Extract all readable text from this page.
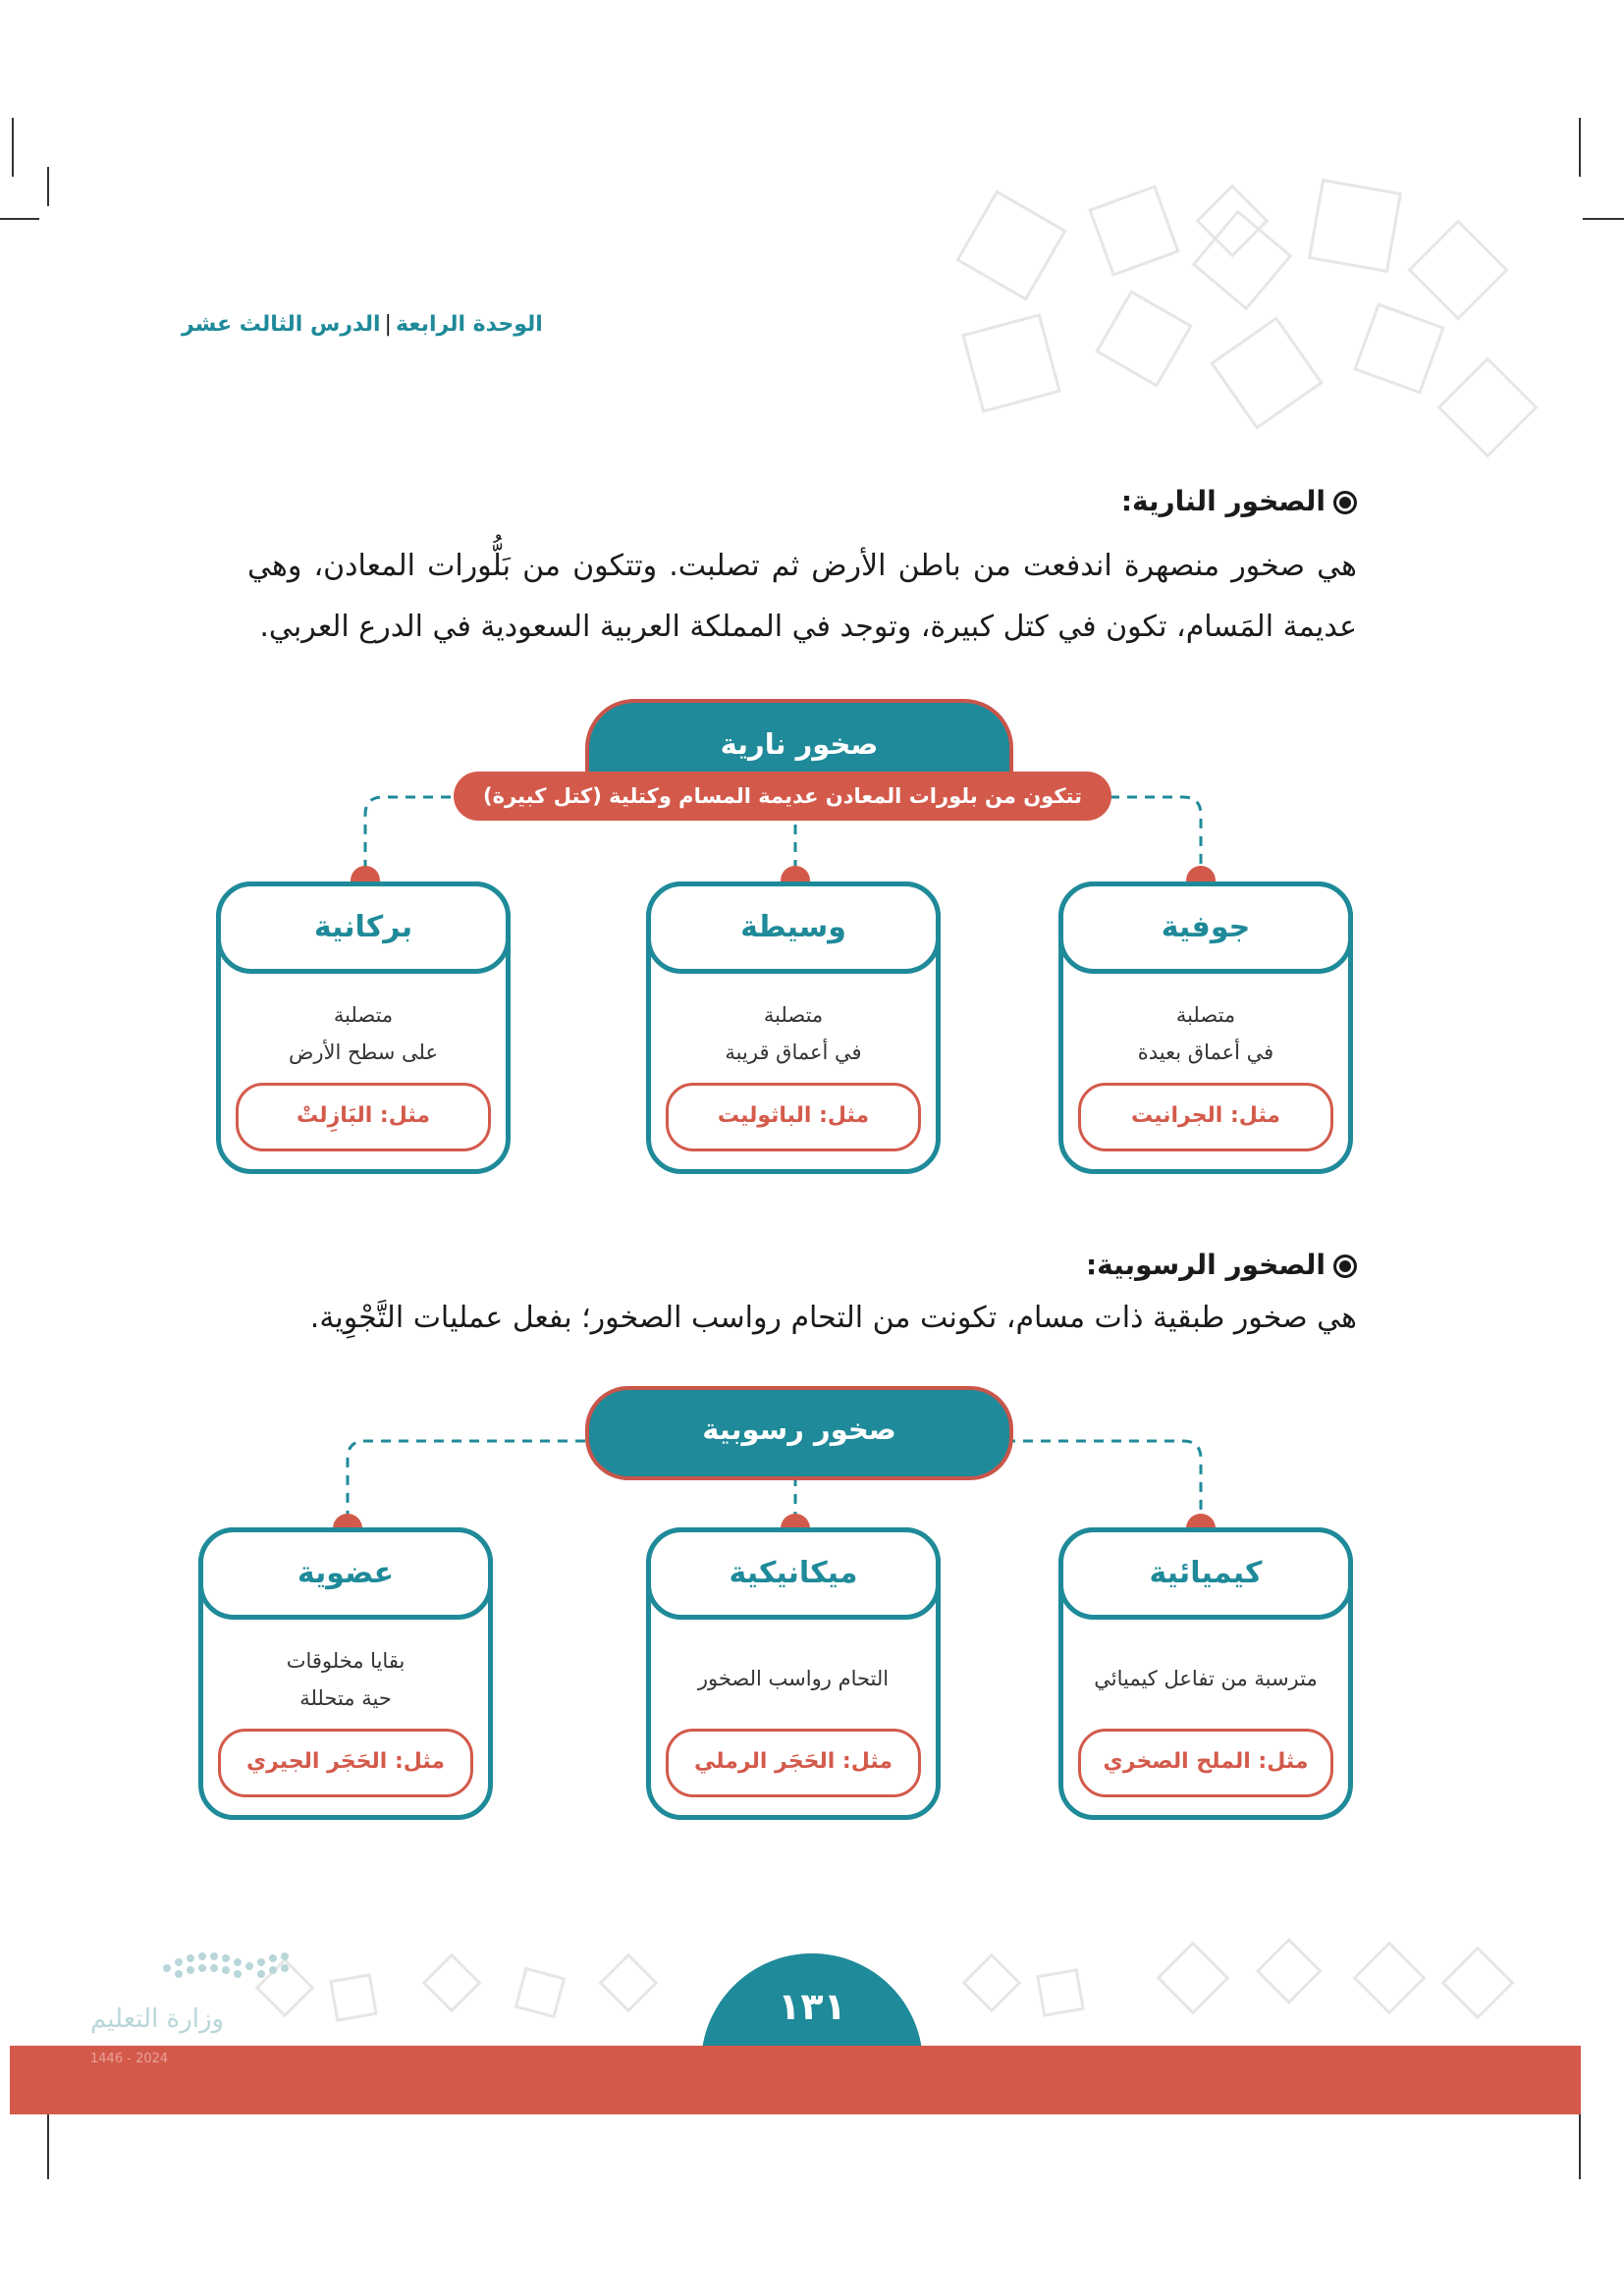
الوحدة الرابعة|الدرس الثالث عشر
الصخور النارية:
هي صخور منصهرة اندفعت من باطن الأرض ثم تصلبت. وتتكون من بَلُّورات المعادن، وهي عديمة المَسام، تكون في كتل كبيرة، وتوجد في المملكة العربية السعودية في الدرع العربي.
صخور نارية
تتكون من بلورات المعادن عديمة المسام وكتلية (كتل كبيرة)
جوفية
متصلبة
في أعماق بعيدة
مثل: الجرانيت
وسيطة
متصلبة
في أعماق قريبة
مثل: الباثوليت
بركانية
متصلبة
على سطح الأرض
مثل: البَازِلتْ
الصخور الرسوبية:
هي صخور طبقية ذات مسام، تكونت من التحام رواسب الصخور؛ بفعل عمليات التَّجْوِية.
صخور رسوبية
كيميائية
مترسبة من تفاعل كيميائي
مثل: الملح الصخري
ميكانيكية
التحام رواسب الصخور
مثل: الحَجَر الرملي
عضوية
بقايا مخلوقات
حية متحللة
مثل: الحَجَر الجيري
وزارة التعليم	١٣١
2024 - 1446
